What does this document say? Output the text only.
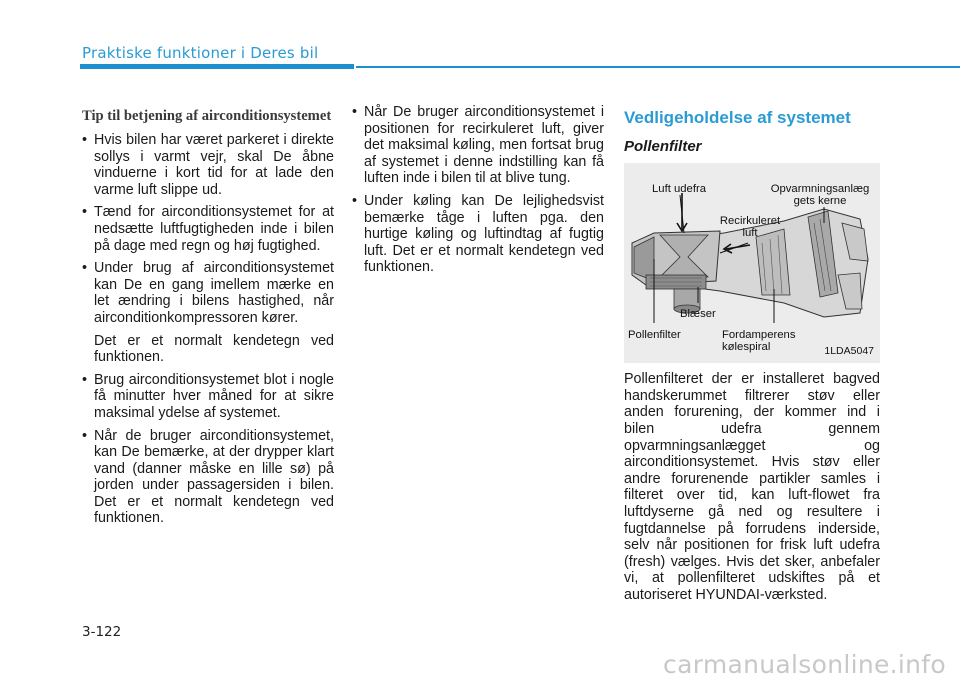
Praktiske funktioner i Deres bil

Tip til betjening af airconditionsystemet

• Hvis bilen har været parkeret i direkte sollys i varmt vejr, skal De åbne vinduerne i kort tid for at lade den varme luft slippe ud.

• Tænd for airconditionsystemet for at nedsætte luftfugtigheden inde i bilen på dage med regn og høj fugtighed.

• Under brug af airconditionsystemet kan De en gang imellem mærke en let ændring i bilens hastighed, når airconditionkompressoren kører.

Det er et normalt kendetegn ved funktionen.

• Brug airconditionsystemet blot i nogle få minutter hver måned for at sikre maksimal ydelse af systemet.

• Når de bruger airconditionsystemet, kan De bemærke, at der drypper klart vand (danner måske en lille sø) på jorden under passagersiden i bilen. Det er et normalt kendetegn ved funktionen.

• Når De bruger airconditionsystemet i positionen for recirkuleret luft, giver det maksimal køling, men fortsat brug af systemet i denne indstilling kan få luften inde i bilen til at blive tung.

• Under køling kan De lejlighedsvist bemærke tåge i luften pga. den hurtige køling og luftindtag af fugtig luft. Det er et normalt kendetegn ved funktionen.

Vedligeholdelse af systemet

Pollenfilter

Luft udefra	Opvarmningsanlæg gets kerne
Recirkuleret luft
Blæser
Pollenfilter	Fordamperens kølespiral	1LDA5047

Pollenfilteret der er installeret bagved handskerummet filtrerer støv eller anden forurening, der kommer ind i bilen udefra gennem opvarmningsanlægget og airconditionsystemet. Hvis støv eller andre forurenende partikler samles i filteret over tid, kan luft-flowet fra luftdyserne gå ned og resultere i fugtdannelse på forrudens inderside, selv når positionen for frisk luft udefra (fresh) vælges. Hvis det sker, anbefaler vi, at pollenfilteret udskiftes på et autoriseret HYUNDAI-værksted.

3-122
carmanualsonline.info
